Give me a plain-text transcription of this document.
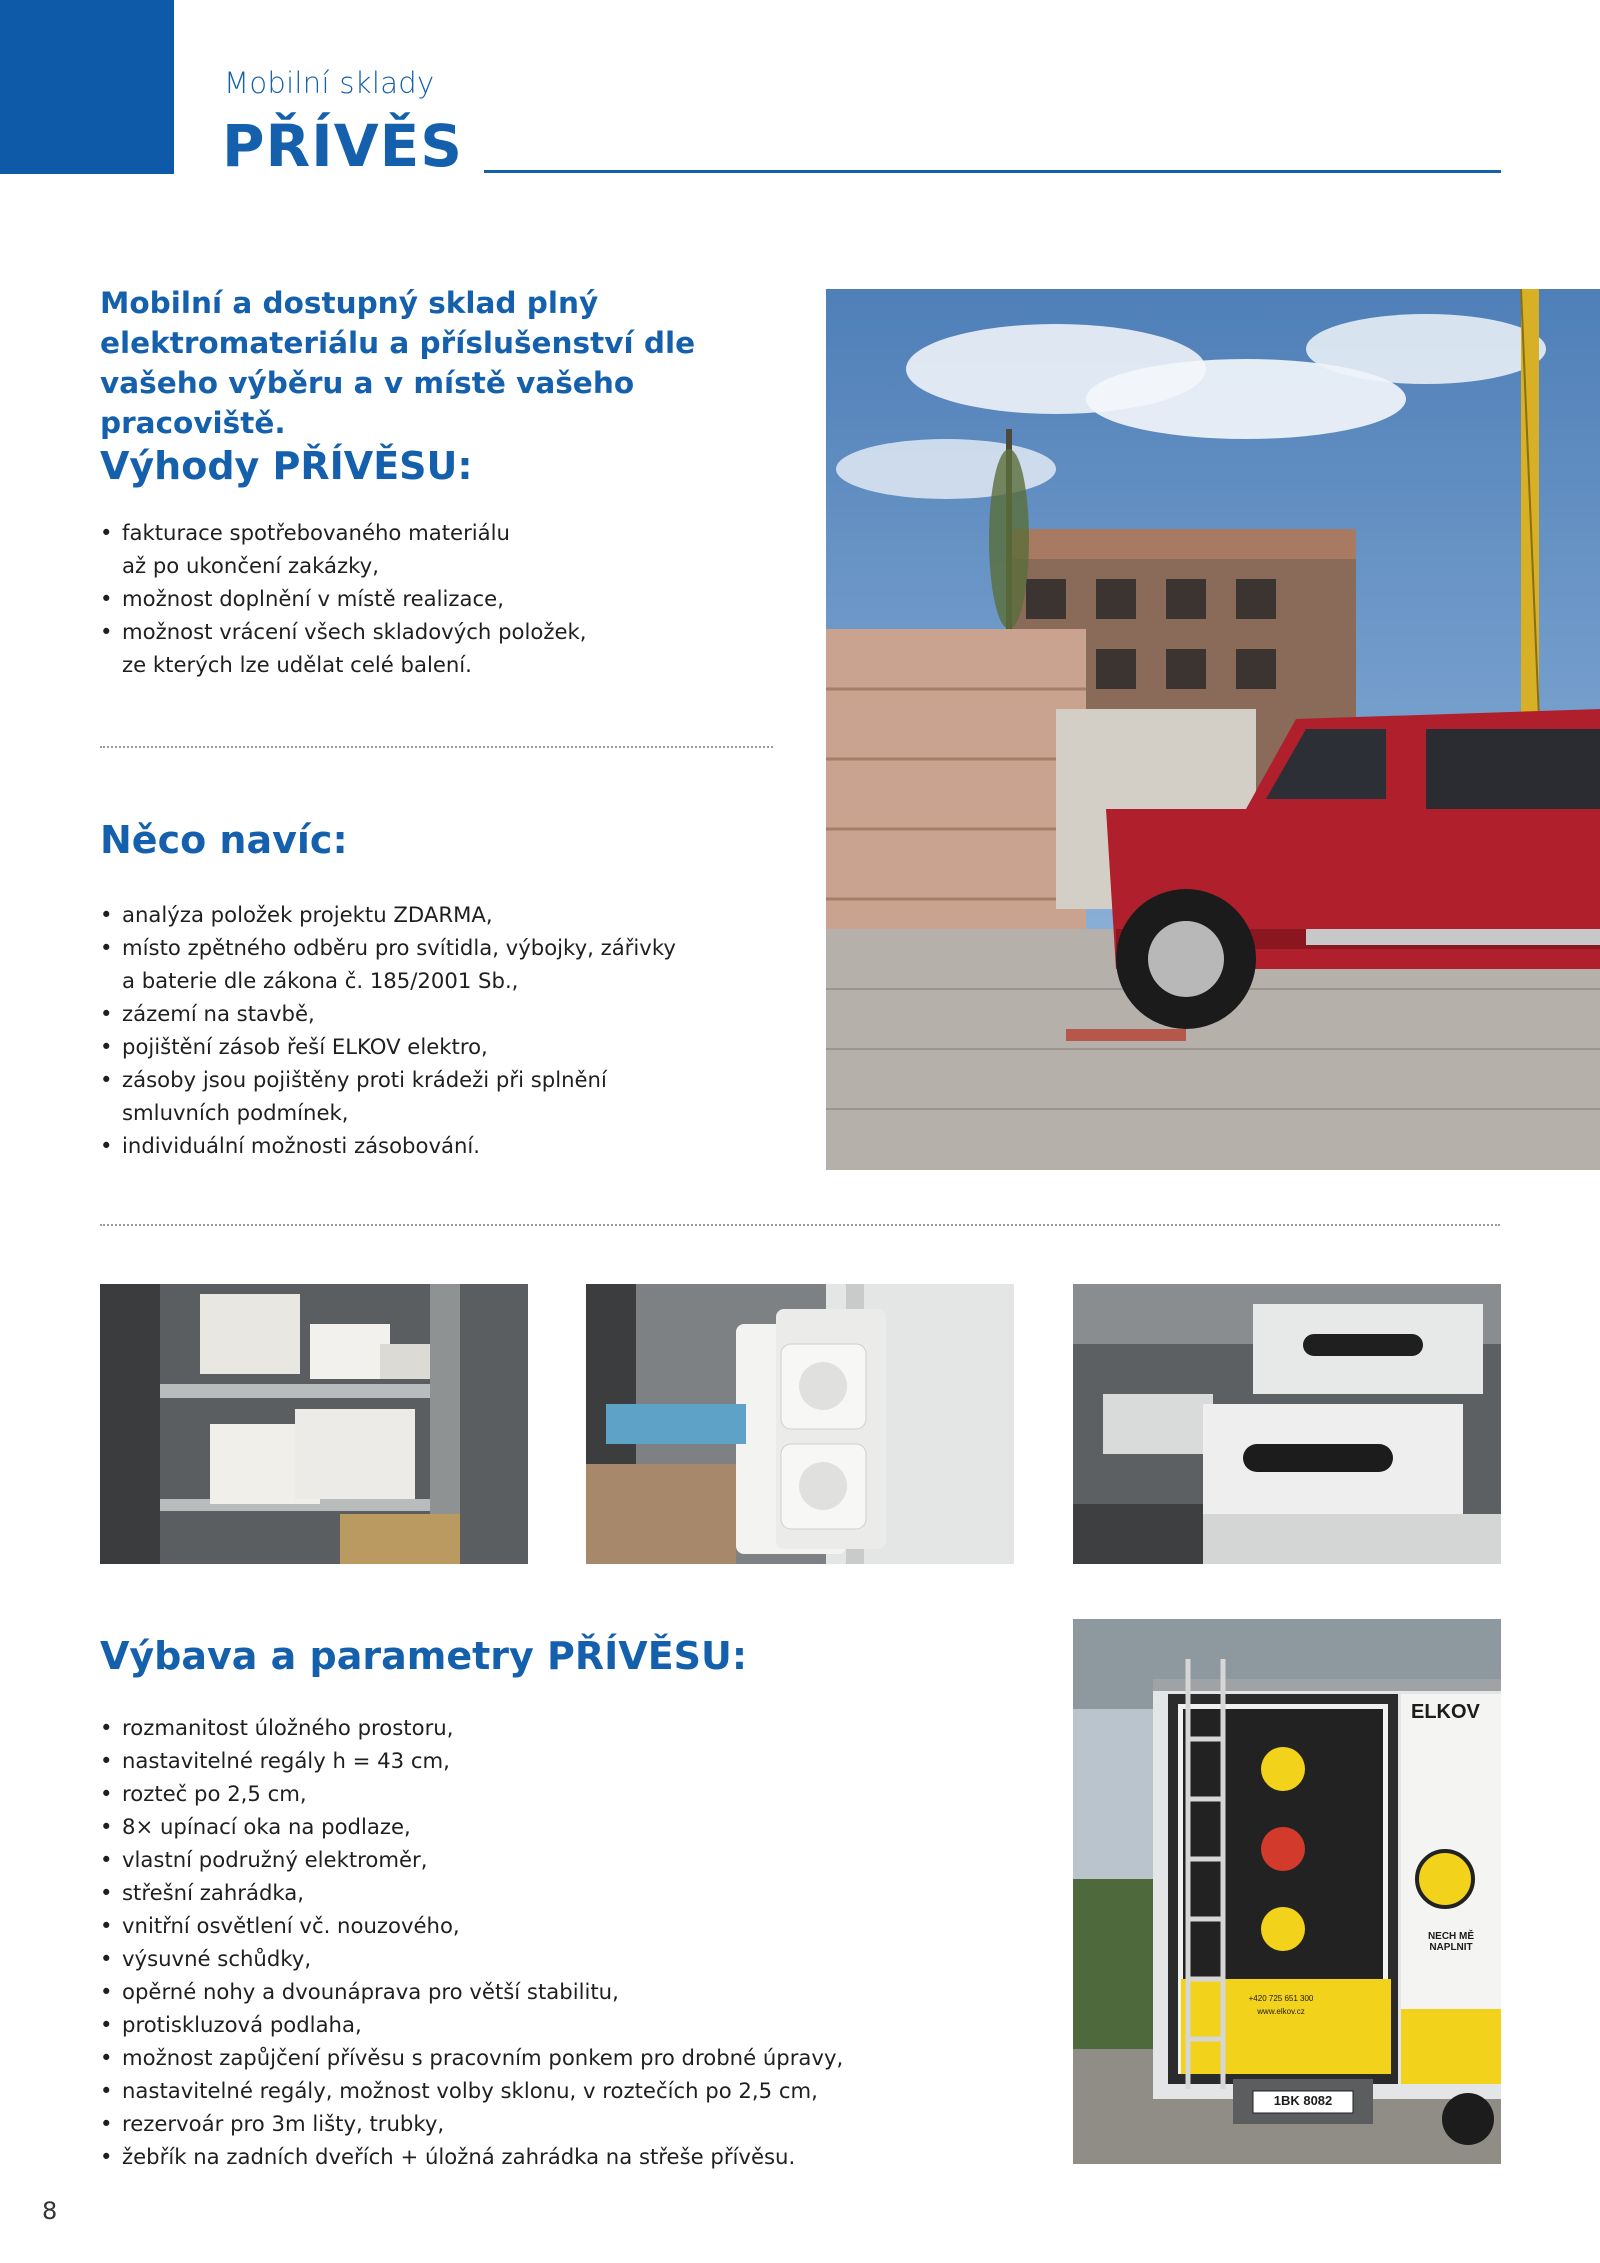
Mobilní sklady
PŘÍVĚS
Mobilní a dostupný sklad plný elektromateriálu a příslušenství dle vašeho výběru a v místě vašeho pracoviště.
Výhody PŘÍVĚSU:
• fakturace spotřebovaného materiálu
až po ukončení zakázky,
• možnost doplnění v místě realizace,
• možnost vrácení všech skladových položek,
ze kterých lze udělat celé balení.
Něco navíc:
• analýza položek projektu ZDARMA,
• místo zpětného odběru pro svítidla, výbojky, zářivky
a baterie dle zákona č. 185/2001 Sb.,
• zázemí na stavbě,
• pojištění zásob řeší ELKOV elektro,
• zásoby jsou pojištěny proti krádeži při splnění
smluvních podmínek,
• individuální možnosti zásobování.
Výbava a parametry PŘÍVĚSU:
• rozmanitost úložného prostoru,
• nastavitelné regály h = 43 cm,
• rozteč po 2,5 cm,
• 8× upínací oka na podlaze,
• vlastní podružný elektroměr,
• střešní zahrádka,
• vnitřní osvětlení vč. nouzového,
• výsuvné schůdky,
• opěrné nohy a dvounáprava pro větší stabilitu,
• protiskluzová podlaha,
• možnost zapůjčení přívěsu s pracovním ponkem pro drobné úpravy,
• nastavitelné regály, možnost volby sklonu, v roztečích po 2,5 cm,
• rezervoár pro 3m lišty, trubky,
• žebřík na zadních dveřích + úložná zahrádka na střeše přívěsu.
ELKOV
NECH MĚ NAPLNIT
+420 725 651 300
www.elkov.cz
1BK 8082
8
